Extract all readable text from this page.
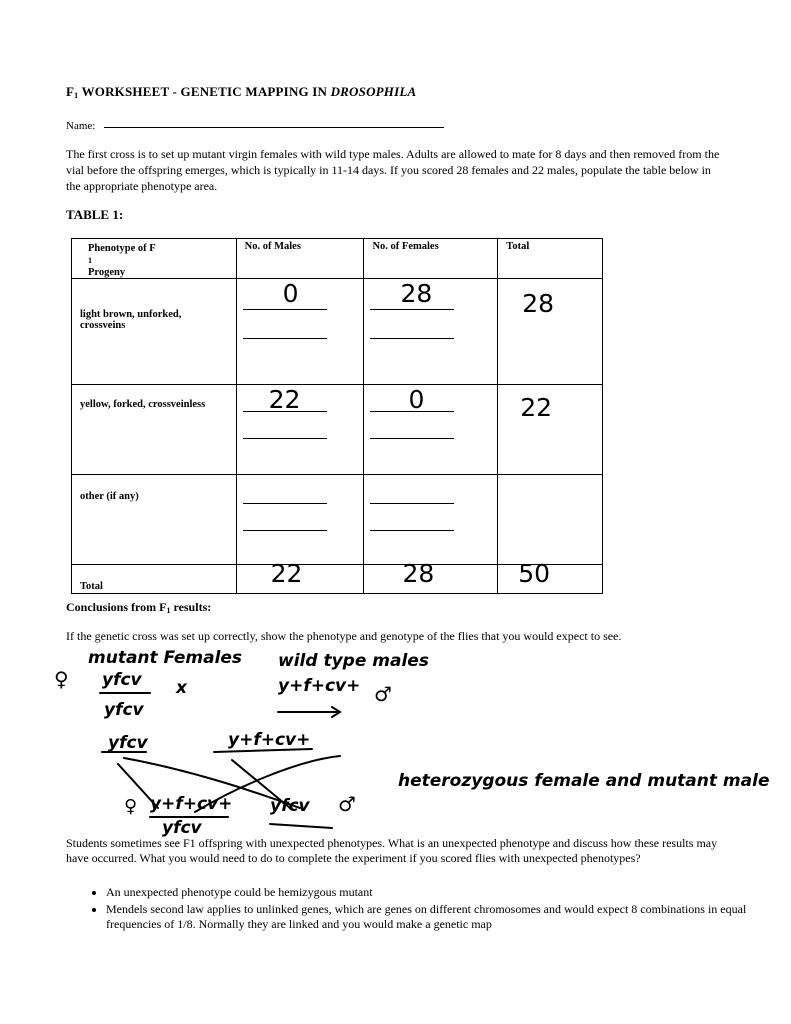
$F_1$ WORKSHEET - GENETIC MAPPING IN DROSOPHILA
Name:
The first cross is to set up mutant virgin females with wild type males. Adults are allowed to mate for 8 days and then removed from the vial before the offspring emerges, which is typically in 11-14 days. If you scored 28 females and 22 males, populate the table below in the appropriate phenotype area.
TABLE 1:
Phenotype of F
1
Progeny	No. of Males	No. of Females	Total

light brown, unforked, crossveins	0	28	28

yellow, forked, crossveinless	22	0	22

other (if any)			

Total	22	28	50
Conclusions from $F_1$ results:
If the genetic cross was set up correctly, show the phenotype and genotype of the flies that you would expect to see.
♀
mutant Females
yfcv
yfcv
x
wild type males
y+f+cv+ ♂
yfcv	y+f+cv+
♀ y+f+cv+
yfcv
yfcv ♂
heterozygous female and mutant male
Students sometimes see F1 offspring with unexpected phenotypes. What is an unexpected phenotype and discuss how these results may have occurred. What you would need to do to complete the experiment if you scored flies with unexpected phenotypes?
• An unexpected phenotype could be hemizygous mutant
• Mendels second law applies to unlinked genes, which are genes on different chromosomes and would expect 8 combinations in equal frequencies of 1/8. Normally they are linked and you would make a genetic map
